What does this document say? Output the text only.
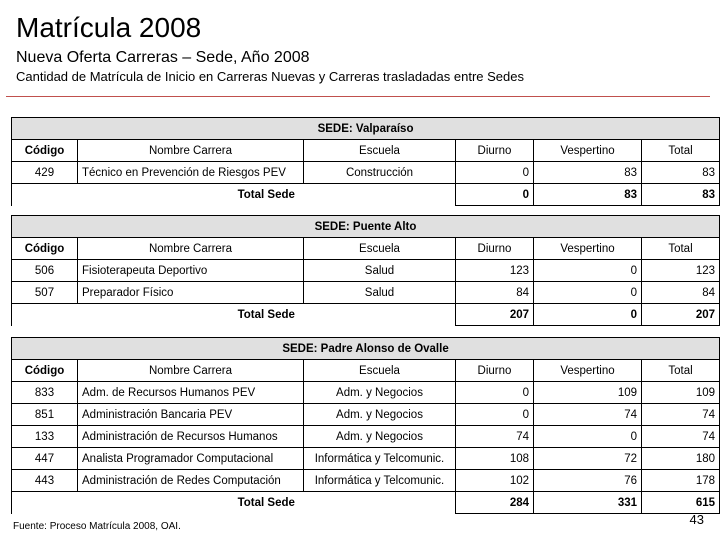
Matrícula 2008
Nueva Oferta Carreras – Sede, Año 2008
Cantidad de Matrícula de Inicio en Carreras Nuevas y Carreras trasladadas entre Sedes
SEDE: Valparaíso					
Código	Nombre Carrera	Escuela	Diurno	Vespertino	Total
429	Técnico en Prevención de Riesgos PEV	Construcción	0	83	83
	Total Sede		0	83	83
SEDE: Puente Alto					
Código	Nombre Carrera	Escuela	Diurno	Vespertino	Total
506	Fisioterapeuta Deportivo	Salud	123	0	123
507	Preparador Físico	Salud	84	0	84
	Total Sede		207	0	207
SEDE: Padre Alonso de Ovalle					
Código	Nombre Carrera	Escuela	Diurno	Vespertino	Total
833	Adm. de Recursos Humanos PEV	Adm. y Negocios	0	109	109
851	Administración Bancaria PEV	Adm. y Negocios	0	74	74
133	Administración de Recursos Humanos	Adm. y Negocios	74	0	74
447	Analista Programador Computacional	Informática y Telcomunic.	108	72	180
443	Administración de Redes Computación	Informática y Telcomunic.	102	76	178
	Total Sede		284	331	615
Fuente: Proceso Matrícula 2008, OAI.	43
